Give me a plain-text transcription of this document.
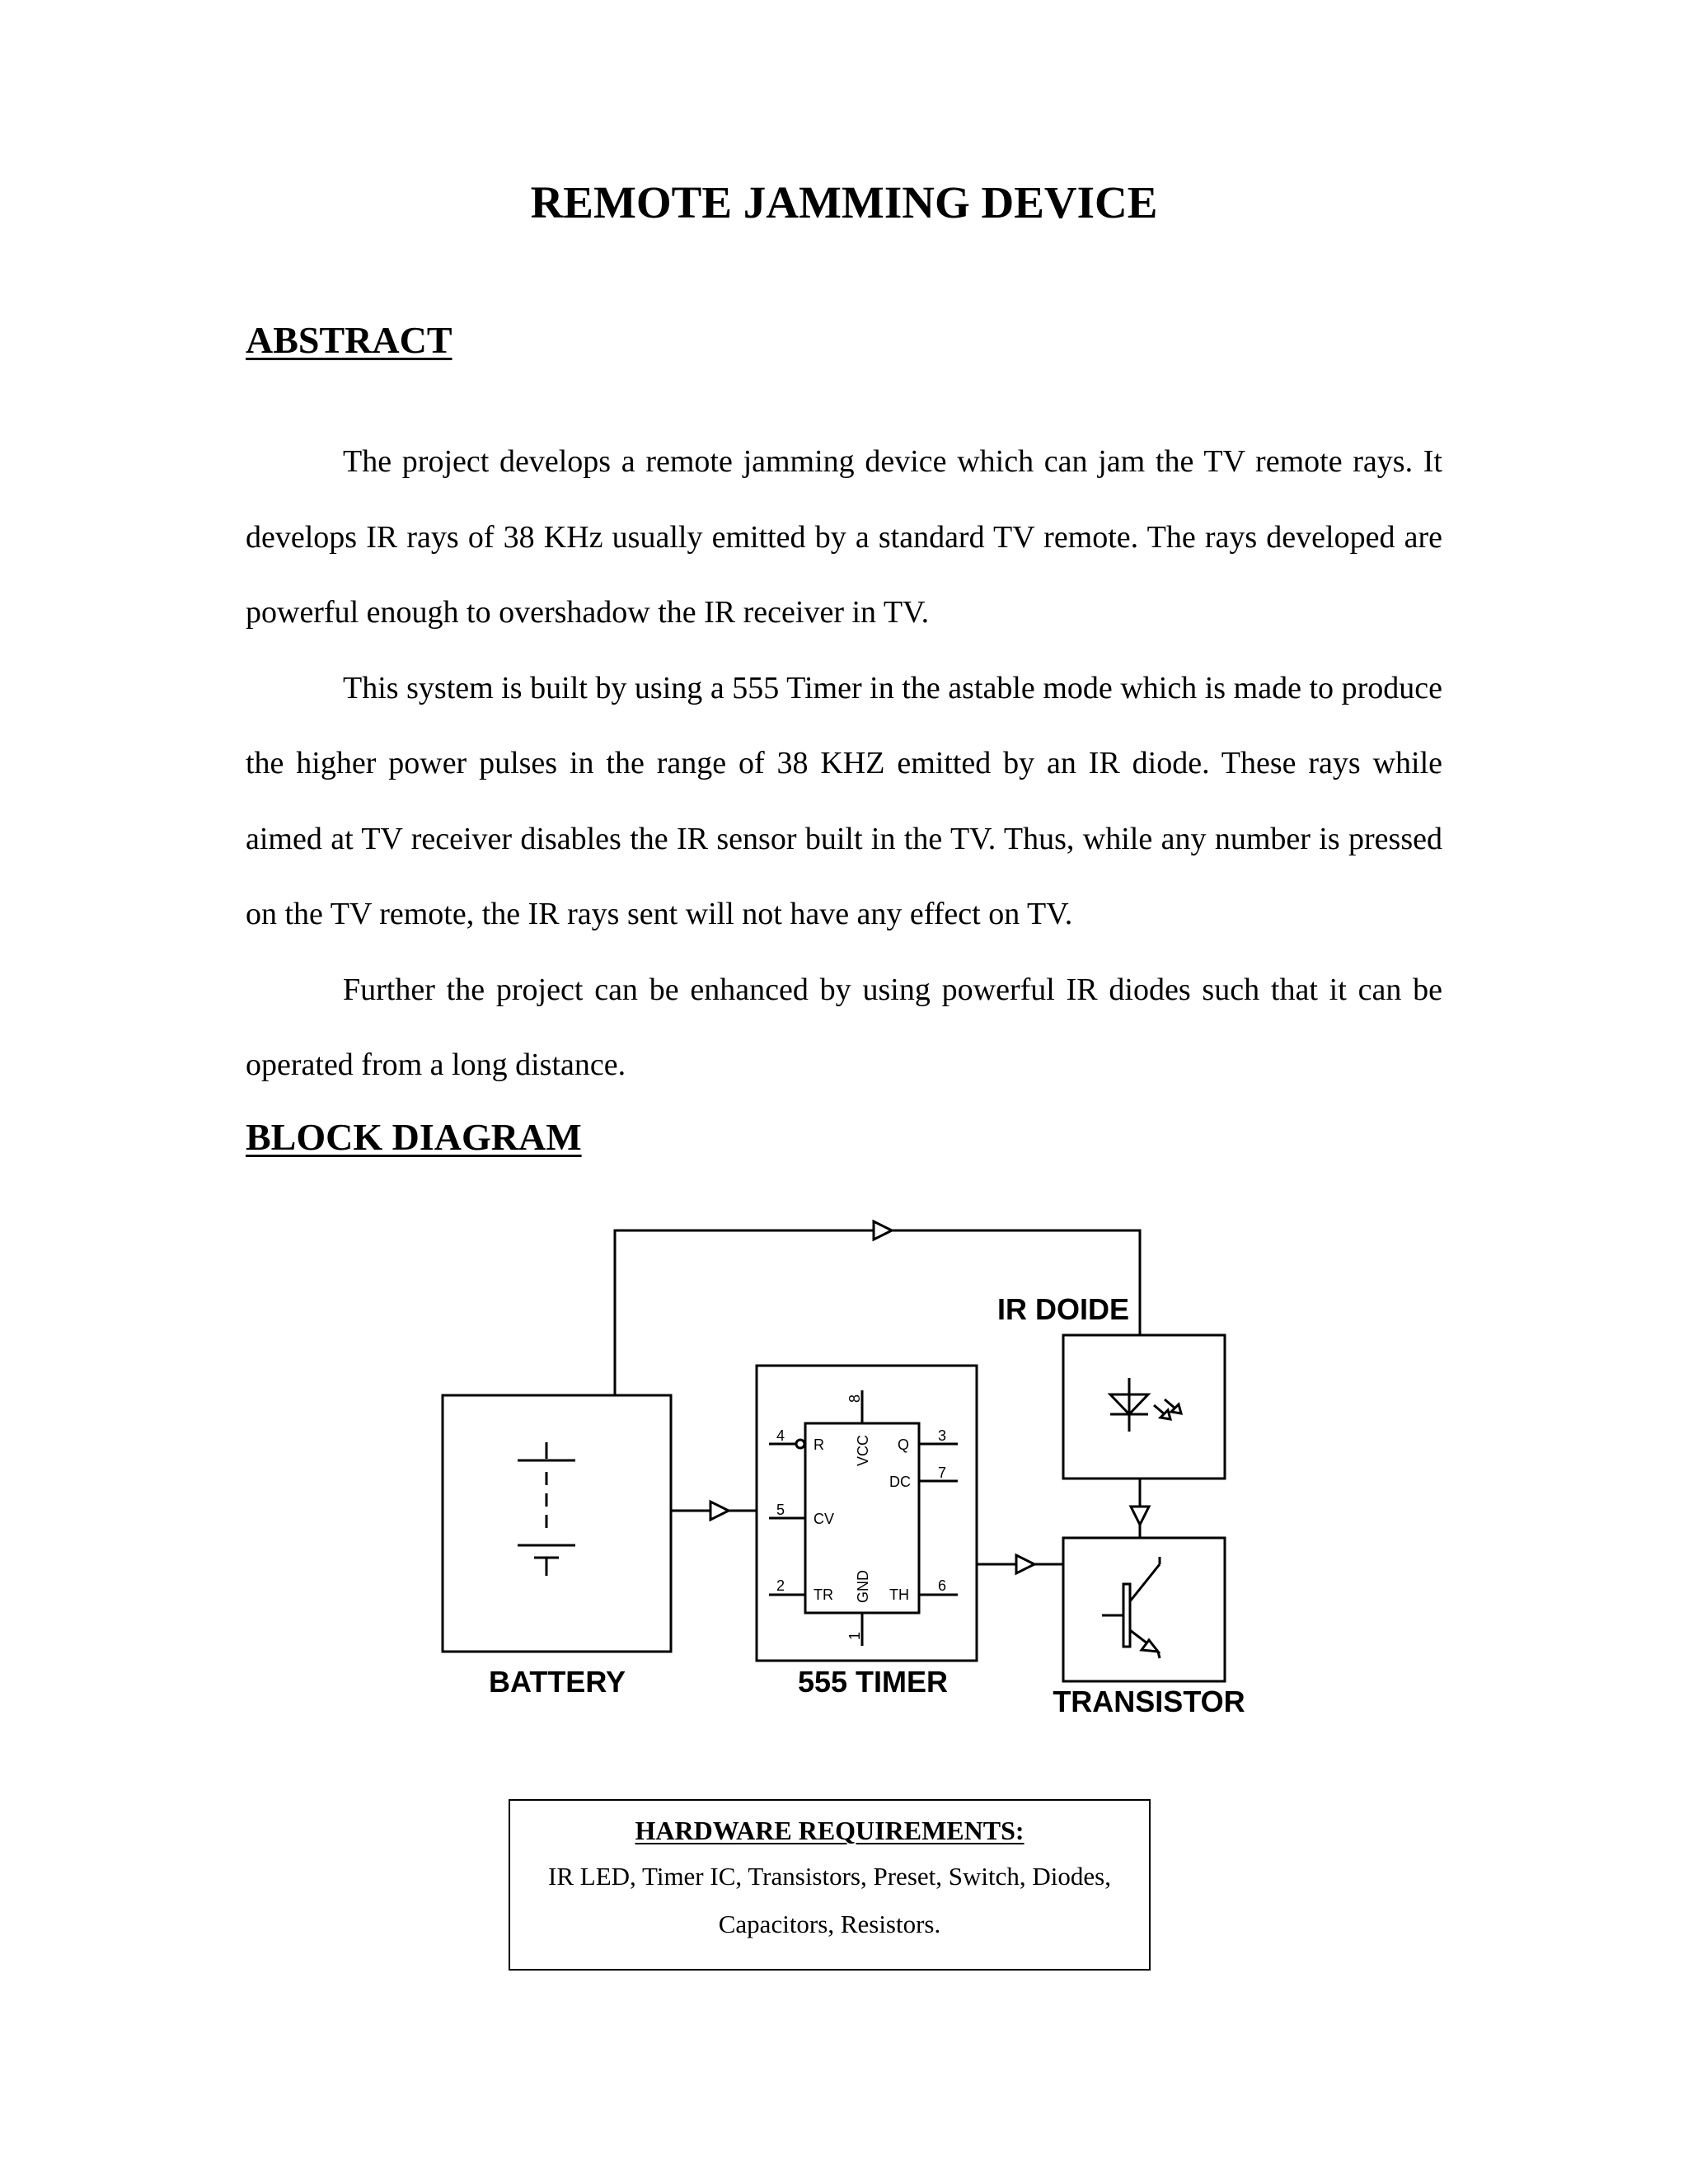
REMOTE JAMMING DEVICE
ABSTRACT

The project develops a remote jamming device which can jam the TV remote rays. It develops IR rays of 38 KHz usually emitted by a standard TV remote. The rays developed are powerful enough to overshadow the IR receiver in TV.

This system is built by using a 555 Timer in the astable mode which is made to produce the higher power pulses in the range of 38 KHZ emitted by an IR diode. These rays while aimed at TV receiver disables the IR sensor built in the TV. Thus, while any number is pressed on the TV remote, the IR rays sent will not have any effect on TV.

Further the project can be enhanced by using powerful IR diodes such that it can be operated from a long distance.

BLOCK DIAGRAM
BATTERY	555 TIMER
IR DOIDE
TRANSISTOR
4
5
2
3
7
6
8
1
R
CV
TR
Q
DC
TH
VCC
GND
HARDWARE REQUIREMENTS:
IR LED, Timer IC, Transistors, Preset, Switch, Diodes, Capacitors, Resistors.
